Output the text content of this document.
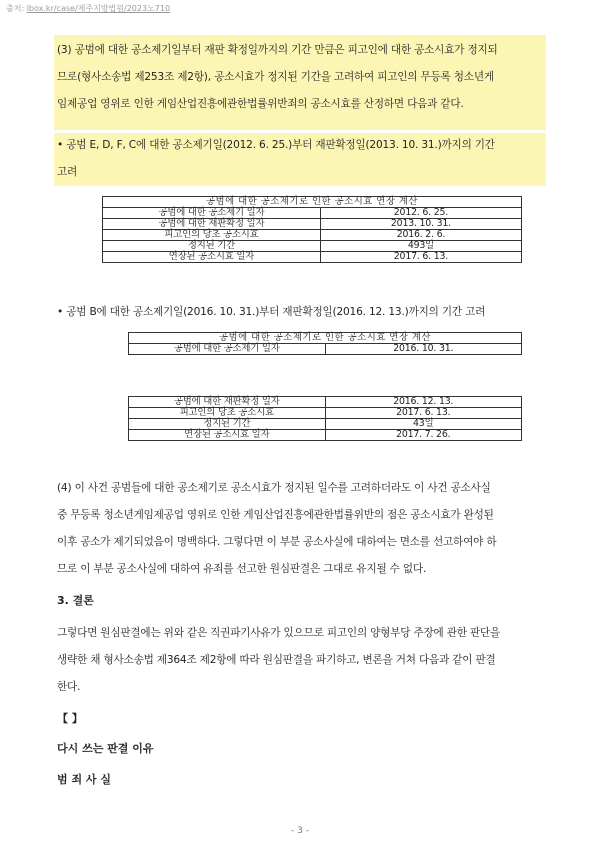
출처: lbox.kr/case/제주지방법원/2023노710
(3) 공범에 대한 공소제기일부터 재판 확정일까지의 기간 만큼은 피고인에 대한 공소시효가 정지되
므로(형사소송법 제253조 제2항), 공소시효가 정지된 기간을 고려하여 피고인의 무등록 청소년게
임제공업 영위로 인한 게임산업진흥에관한법률위반죄의 공소시효를 산정하면 다음과 같다.
• 공범 E, D, F, C에 대한 공소제기일(2012. 6. 25.)부터 재판확정일(2013. 10. 31.)까지의 기간
고려
공범에 대한 공소제기로 인한 공소시효 연장 계산	
공범에 대한 공소제기 일자	2012. 6. 25.
공범에 대한 재판확정 일자	2013. 10. 31.
피고인의 당초 공소시효	2016. 2. 6.
정지된 기간	493일
연장된 공소시효 일자	2017. 6. 13.
• 공범 B에 대한 공소제기일(2016. 10. 31.)부터 재판확정일(2016. 12. 13.)까지의 기간 고려
공범에 대한 공소제기로 인한 공소시효 연장 계산
공범에 대한 공소제기 일자	2016. 10. 31.
공범에 대한 재판확정 일자	2016. 12. 13.
피고인의 당초 공소시효	2017. 6. 13.
정지된 기간	43일
연장된 공소시효 일자	2017. 7. 26.
(4) 이 사건 공범들에 대한 공소제기로 공소시효가 정지된 일수를 고려하더라도 이 사건 공소사실
중 무등록 청소년게임제공업 영위로 인한 게임산업진흥에관한법률위반의 점은 공소시효가 완성된
이후 공소가 제기되었음이 명백하다. 그렇다면 이 부분 공소사실에 대하여는 면소를 선고하여야 하
므로 이 부분 공소사실에 대하여 유죄를 선고한 원심판결은 그대로 유지될 수 없다.
3. 결론
그렇다면 원심판결에는 위와 같은 직권파기사유가 있으므로 피고인의 양형부당 주장에 관한 판단을
생략한 채 형사소송법 제364조 제2항에 따라 원심판결을 파기하고, 변론을 거쳐 다음과 같이 판결
한다.
【 】
다시 쓰는 판결 이유
범 죄 사 실
- 3 -
